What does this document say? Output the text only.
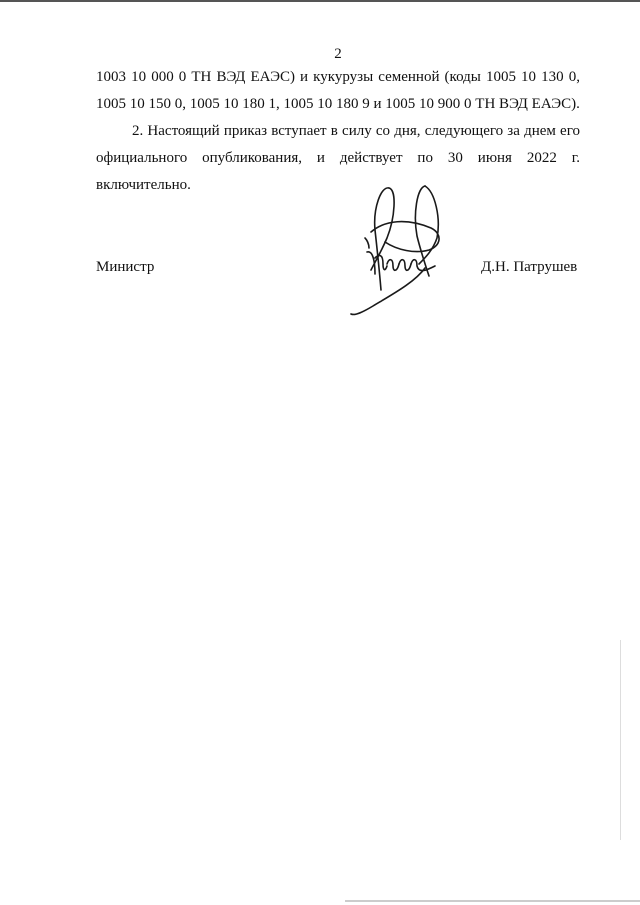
2

1003 10 000 0 ТН ВЭД ЕАЭС) и кукурузы семенной (коды 1005 10 130 0,

1005 10 150 0, 1005 10 180 1, 1005 10 180 9 и 1005 10 900 0 ТН ВЭД ЕАЭС).

2. Настоящий приказ вступает в силу со дня, следующего за днем его

официального опубликования, и действует по 30 июня 2022 г.

включительно.

Министр	Д.Н. Патрушев
